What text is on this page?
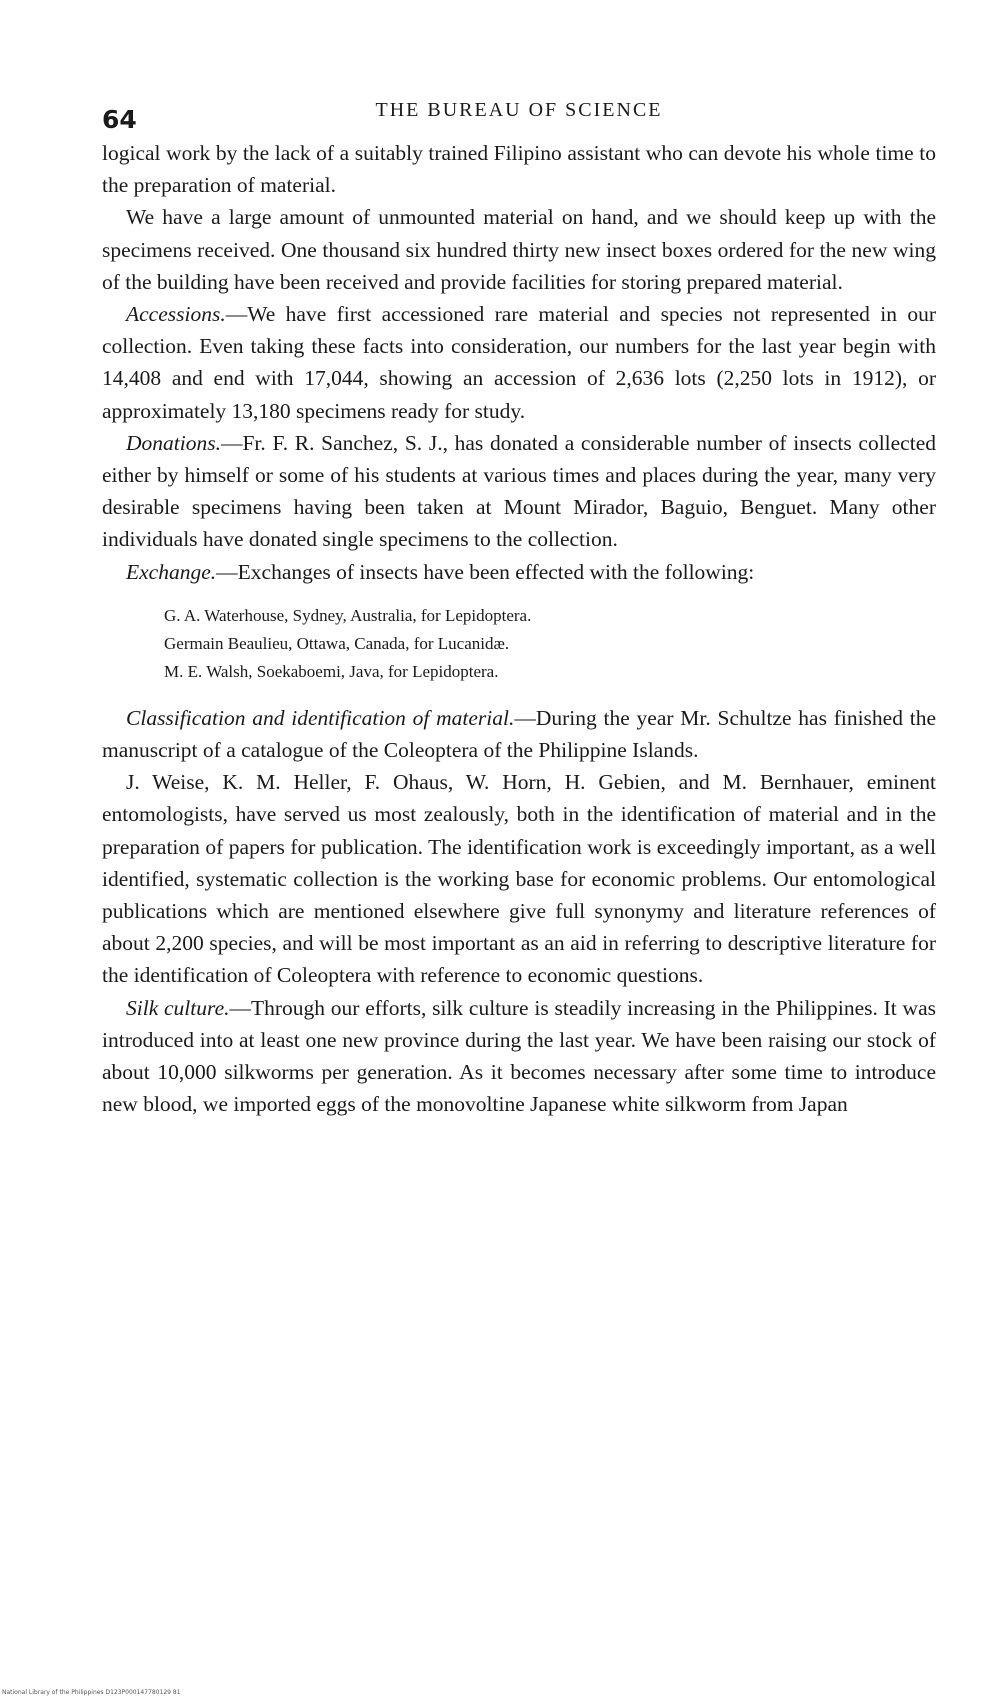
64	THE BUREAU OF SCIENCE

logical work by the lack of a suitably trained Filipino assistant who can devote his whole time to the preparation of material.

We have a large amount of unmounted material on hand, and we should keep up with the specimens received. One thousand six hundred thirty new insect boxes ordered for the new wing of the building have been received and provide facilities for storing prepared material.

Accessions.—We have first accessioned rare material and species not represented in our collection. Even taking these facts into consideration, our numbers for the last year begin with 14,408 and end with 17,044, showing an accession of 2,636 lots (2,250 lots in 1912), or approximately 13,180 specimens ready for study.

Donations.—Fr. F. R. Sanchez, S. J., has donated a considerable number of insects collected either by himself or some of his students at various times and places during the year, many very desirable specimens having been taken at Mount Mirador, Baguio, Benguet. Many other individuals have donated single specimens to the collection.

Exchange.—Exchanges of insects have been effected with the following:

G. A. Waterhouse, Sydney, Australia, for Lepidoptera.
Germain Beaulieu, Ottawa, Canada, for Lucanidæ.
M. E. Walsh, Soekaboemi, Java, for Lepidoptera.

Classification and identification of material.—During the year Mr. Schultze has finished the manuscript of a catalogue of the Coleoptera of the Philippine Islands.

J. Weise, K. M. Heller, F. Ohaus, W. Horn, H. Gebien, and M. Bernhauer, eminent entomologists, have served us most zealously, both in the identification of material and in the preparation of papers for publication. The identification work is exceedingly important, as a well identified, systematic collection is the working base for economic problems. Our entomological publications which are mentioned elsewhere give full synonymy and literature references of about 2,200 species, and will be most important as an aid in referring to descriptive literature for the identification of Coleoptera with reference to economic questions.

Silk culture.—Through our efforts, silk culture is steadily increasing in the Philippines. It was introduced into at least one new province during the last year. We have been raising our stock of about 10,000 silkworms per generation. As it becomes necessary after some time to introduce new blood, we imported eggs of the monovoltine Japanese white silkworm from Japan

National Library of the Philippines D123P000147780129 81
